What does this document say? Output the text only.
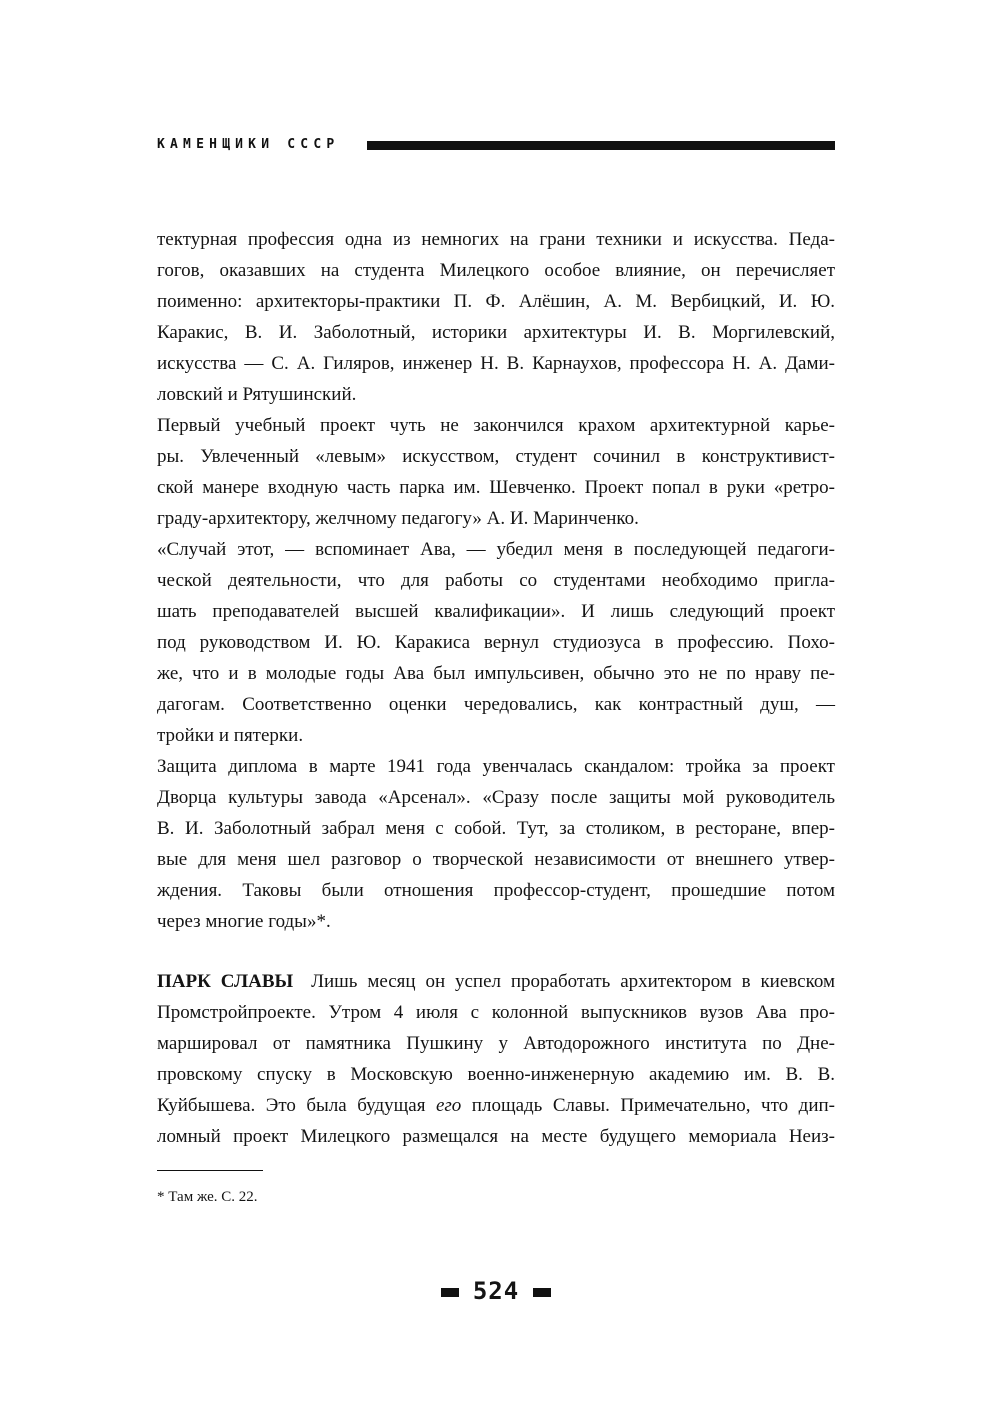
КАМЕНЩИКИ СССР
тектурная профессия одна из немногих на грани техники и искусства. Педа-
гогов, оказавших на студента Милецкого особое влияние, он перечисляет
поименно: архитекторы-практики П. Ф. Алёшин, А. М. Вербицкий, И. Ю.
Каракис, В. И. Заболотный, историки архитектуры И. В. Моргилевский,
искусства — С. А. Гиляров, инженер Н. В. Карнаухов, профессора Н. А. Дами-
ловский и Рятушинский.
Первый учебный проект чуть не закончился крахом архитектурной карье-
ры. Увлеченный «левым» искусством, студент сочинил в конструктивист-
ской манере входную часть парка им. Шевченко. Проект попал в руки «ретро-
граду-архитектору, желчному педагогу» А. И. Маринченко.
«Случай этот, — вспоминает Ава, — убедил меня в последующей педагоги-
ческой деятельности, что для работы со студентами необходимо пригла-
шать преподавателей высшей квалификации». И лишь следующий проект
под руководством И. Ю. Каракиса вернул студиозуса в профессию. Похо-
же, что и в молодые годы Ава был импульсивен, обычно это не по нраву пе-
дагогам. Соответственно оценки чередовались, как контрастный душ, —
тройки и пятерки.
Защита диплома в марте 1941 года увенчалась скандалом: тройка за проект
Дворца культуры завода «Арсенал». «Сразу после защиты мой руководитель
В. И. Заболотный забрал меня с собой. Тут, за столиком, в ресторане, впер-
вые для меня шел разговор о творческой независимости от внешнего утвер-
ждения. Таковы были отношения профессор-студент, прошедшие потом
через многие годы»*.
ПАРК СЛАВЫ Лишь месяц он успел проработать архитектором в киевском
Промстройпроекте. Утром 4 июля с колонной выпускников вузов Ава про-
маршировал от памятника Пушкину у Автодорожного института по Дне-
провскому спуску в Московскую военно-инженерную академию им. В. В.
Куйбышева. Это была будущая его площадь Славы. Примечательно, что дип-
ломный проект Милецкого размещался на месте будущего мемориала Неиз-
* Там же. С. 22.
524
